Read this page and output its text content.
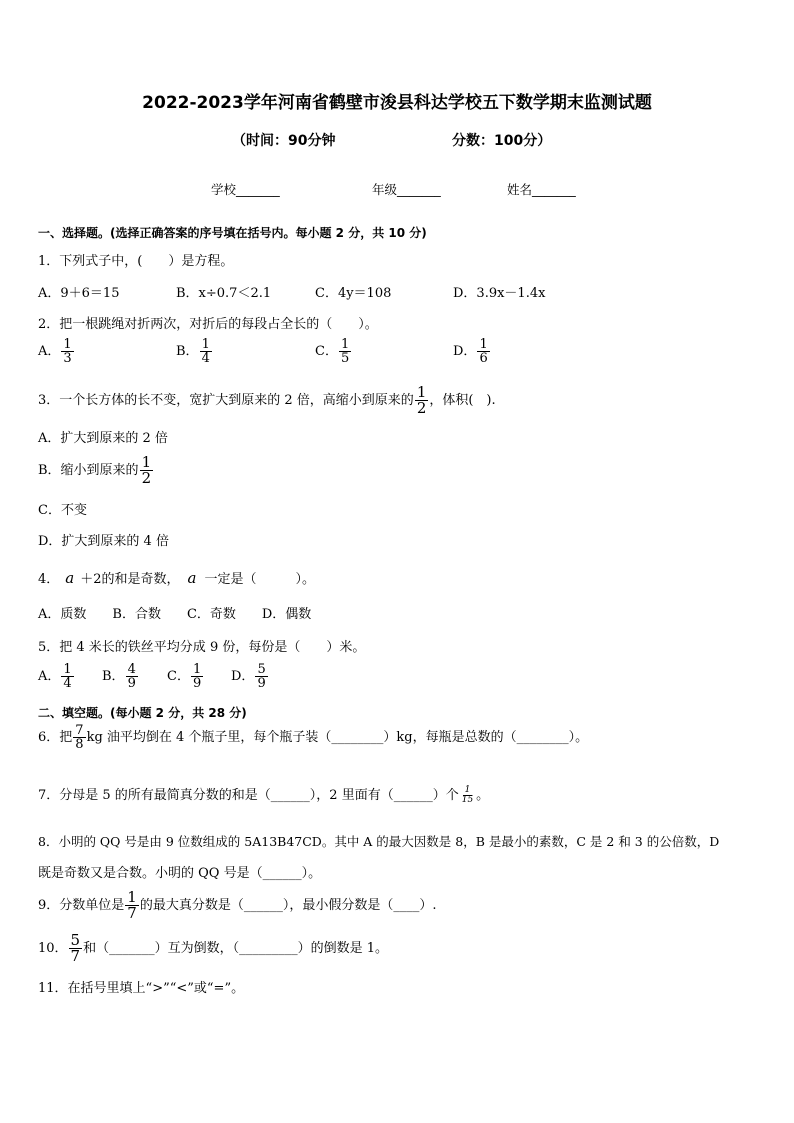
2022-2023学年河南省鹤壁市浚县科达学校五下数学期末监测试题
（时间：90分钟	分数：100分）
学校_______	年级_______	姓名_______
一、选择题。(选择正确答案的序号填在括号内。每小题 2 分，共 10 分)
1．下列式子中，(　　）是方程。
A．9＋6＝15	B．x÷0.7＜2.1	C．4y＝108	D．3.9x－1.4x
2．把一根跳绳对折两次，对折后的每段占全长的（　　）。
A． $\frac{1}{3}$	B． $\frac{1}{4}$	C． $\frac{1}{5}$	D． $\frac{1}{6}$
3．一个长方体的长不变，宽扩大到原来的 2 倍，高缩小到原来的 $\frac{1}{2}$ ，体积(　).
A．扩大到原来的 2 倍
B．缩小到原来的 $\frac{1}{2}$
C．不变
D．扩大到原来的 4 倍
4． a ＋2的和是奇数， a 一定是（　　　）。
A．质数　　B．合数　　C．奇数　　D．偶数
5．把 4 米长的铁丝平均分成 9 份，每份是（　　）米。
A． $\frac{1}{4}$ B． $\frac{4}{9}$ C． $\frac{1}{9}$ D． $\frac{5}{9}$
二、填空题。(每小题 2 分，共 28 分)
6．把 $\frac{7}{8}$ kg 油平均倒在 4 个瓶子里，每个瓶子装（________）kg，每瓶是总数的（________）。
7．分母是 5 的所有最简真分数的和是（______），2 里面有（______）个 $\frac{1}{15}$ 。
8．小明的 QQ 号是由 9 位数组成的 5A13B47CD。其中 A 的最大因数是 8，B 是最小的素数，C 是 2 和 3 的公倍数，D
既是奇数又是合数。小明的 QQ 号是（______）。
9．分数单位是 $\frac{1}{7}$ 的最大真分数是（______），最小假分数是（____）.
10． $\frac{5}{7}$ 和（_______）互为倒数，（_________）的倒数是 1。
11．在括号里填上“>”“<”或“=”。
